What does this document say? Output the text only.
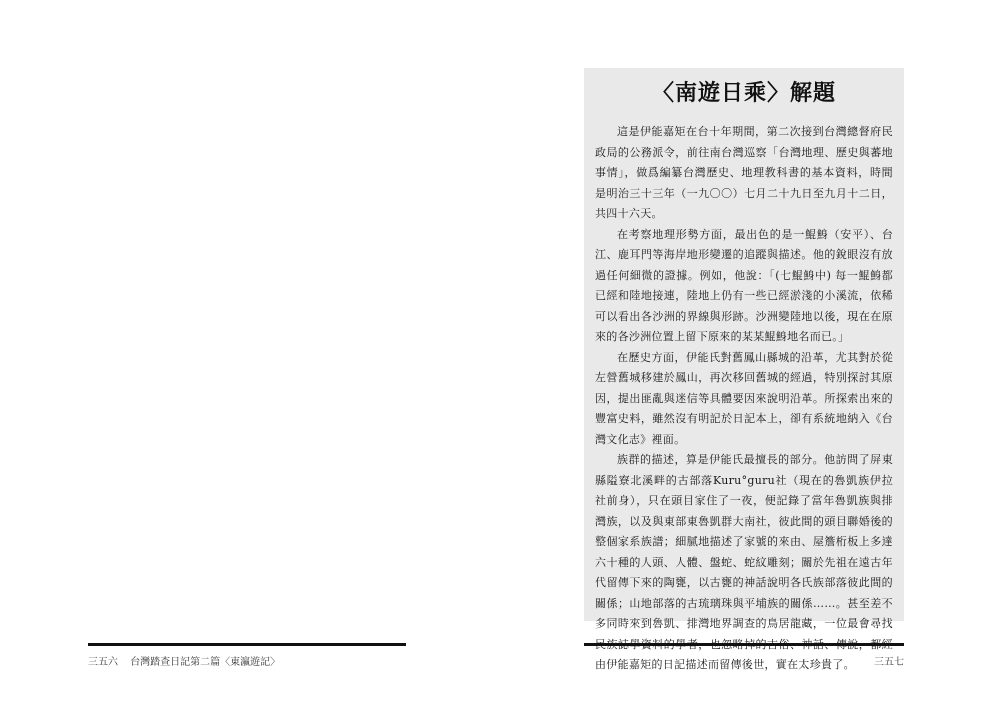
三五六 台灣踏查日記第二篇〈東瀛遊記〉
〈南遊日乘〉解題

這是伊能嘉矩在台十年期間，第二次接到台灣總督府民政局的公務派令，前往南台灣巡察「台灣地理、歷史與蕃地事情」，做爲編纂台灣歷史、地理教科書的基本資料，時間是明治三十三年（一九〇〇）七月二十九日至九月十二日，共四十六天。

在考察地理形勢方面，最出色的是一鯤鯓（安平）、台江、鹿耳門等海岸地形變遷的追蹤與描述。他的銳眼沒有放過任何細微的證據。例如，他說：「(七鯤鯓中) 每一鯤鯓都已經和陸地接連，陸地上仍有一些已經淤淺的小溪流，依稀可以看出各沙洲的界線與形跡。沙洲變陸地以後，現在在原來的各沙洲位置上留下原來的某某鯤鯓地名而已。」

在歷史方面，伊能氏對舊鳳山縣城的沿革，尤其對於從左營舊城移建於鳳山，再次移回舊城的經過，特別探討其原因，提出匪亂與迷信等具體要因來說明沿革。所探索出來的豐富史料，雖然沒有明記於日記本上，卻有系統地納入《台灣文化志》裡面。

族群的描述，算是伊能氏最擅長的部分。他訪問了屏東縣隘寮北溪畔的古部落Kuru°guru社（現在的魯凱族伊拉社前身），只在頭目家住了一夜，便記錄了當年魯凱族與排灣族，以及與東部東魯凱群大南社，彼此間的頭目聯婚後的整個家系族譜；細膩地描述了家號的來由、屋簷桁板上多達六十種的人頭、人體、盤蛇、蛇紋雕刻；關於先祖在遠古年代留傳下來的陶甕，以古甕的神話說明各氏族部落彼此間的關係；山地部落的古琉璃珠與平埔族的關係……。甚至差不多同時來到魯凱、排灣地界調查的鳥居龍藏，一位最會尋找 由伊能嘉矩的日記描述而留傳後世，實在太珍貴了。	三五七
